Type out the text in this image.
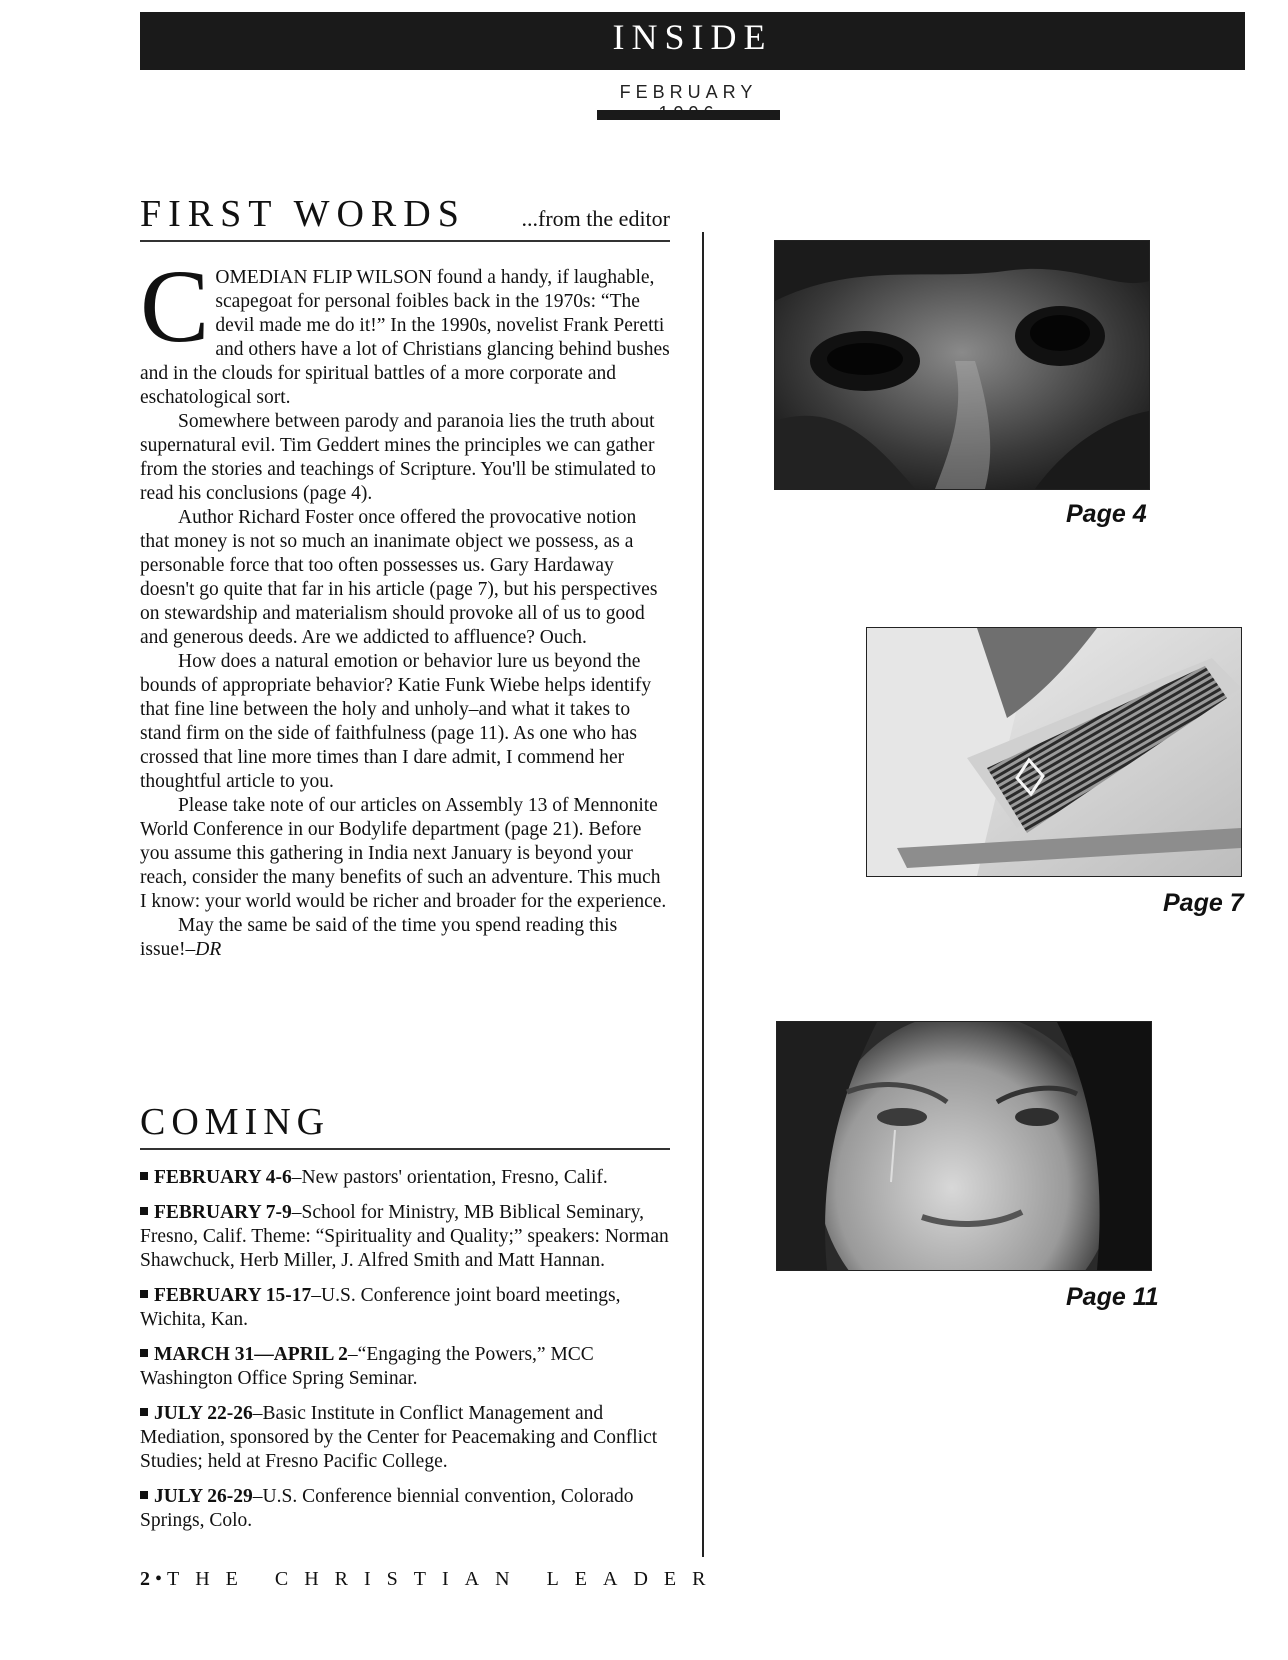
INSIDE
FEBRUARY
FIRST WORDS	...from the editor

COMEDIAN FLIP WILSON found a handy, if laughable, scapegoat for personal foibles back in the 1970s: “The devil made me do it!” In the 1990s, novelist Frank Peretti and others have a lot of Christians glancing behind bushes and in the clouds for spiritual battles of a more corporate and eschatological sort.

Somewhere between parody and paranoia lies the truth about supernatural evil. Tim Geddert mines the principles we can gather from the stories and teachings of Scripture. You'll be stimulated to read his conclusions (page 4).

Author Richard Foster once offered the provocative notion that money is not so much an inanimate object we possess, as a personable force that too often possesses us. Gary Hardaway doesn't go quite that far in his article (page 7), but his perspectives on stewardship and materialism should provoke all of us to good and generous deeds. Are we addicted to affluence? Ouch.

How does a natural emotion or behavior lure us beyond the bounds of appropriate behavior? Katie Funk Wiebe helps identify that fine line between the holy and unholy–and what it takes to stand firm on the side of faithfulness (page 11). As one who has crossed that line more times than I dare admit, I commend her thoughtful article to you.

Please take note of our articles on Assembly 13 of Mennonite World Conference in our Bodylife department (page 21). Before you assume this gathering in India next January is beyond your reach, consider the many benefits of such an adventure. This much I know: your world would be richer and broader for the experience.

May the same be said of the time you spend reading this issue!–DR

COMING

FEBRUARY 4-6–New pastors' orientation, Fresno, Calif.

FEBRUARY 7-9–School for Ministry, MB Biblical Seminary, Fresno, Calif. Theme: “Spirituality and Quality;” speakers: Norman Shawchuck, Herb Miller, J. Alfred Smith and Matt Hannan.

FEBRUARY 15-17–U.S. Conference joint board meetings, Wichita, Kan.

MARCH 31—APRIL 2–“Engaging the Powers,” MCC Washington Office Spring Seminar.

JULY 22-26–Basic Institute in Conflict Management and Mediation, sponsored by the Center for Peacemaking and Conflict Studies; held at Fresno Pacific College.

JULY 26-29–U.S. Conference biennial convention, Colorado Springs, Colo.

Page 4
Page 7
Page 11
2 • THE CHRISTIAN LEADER
